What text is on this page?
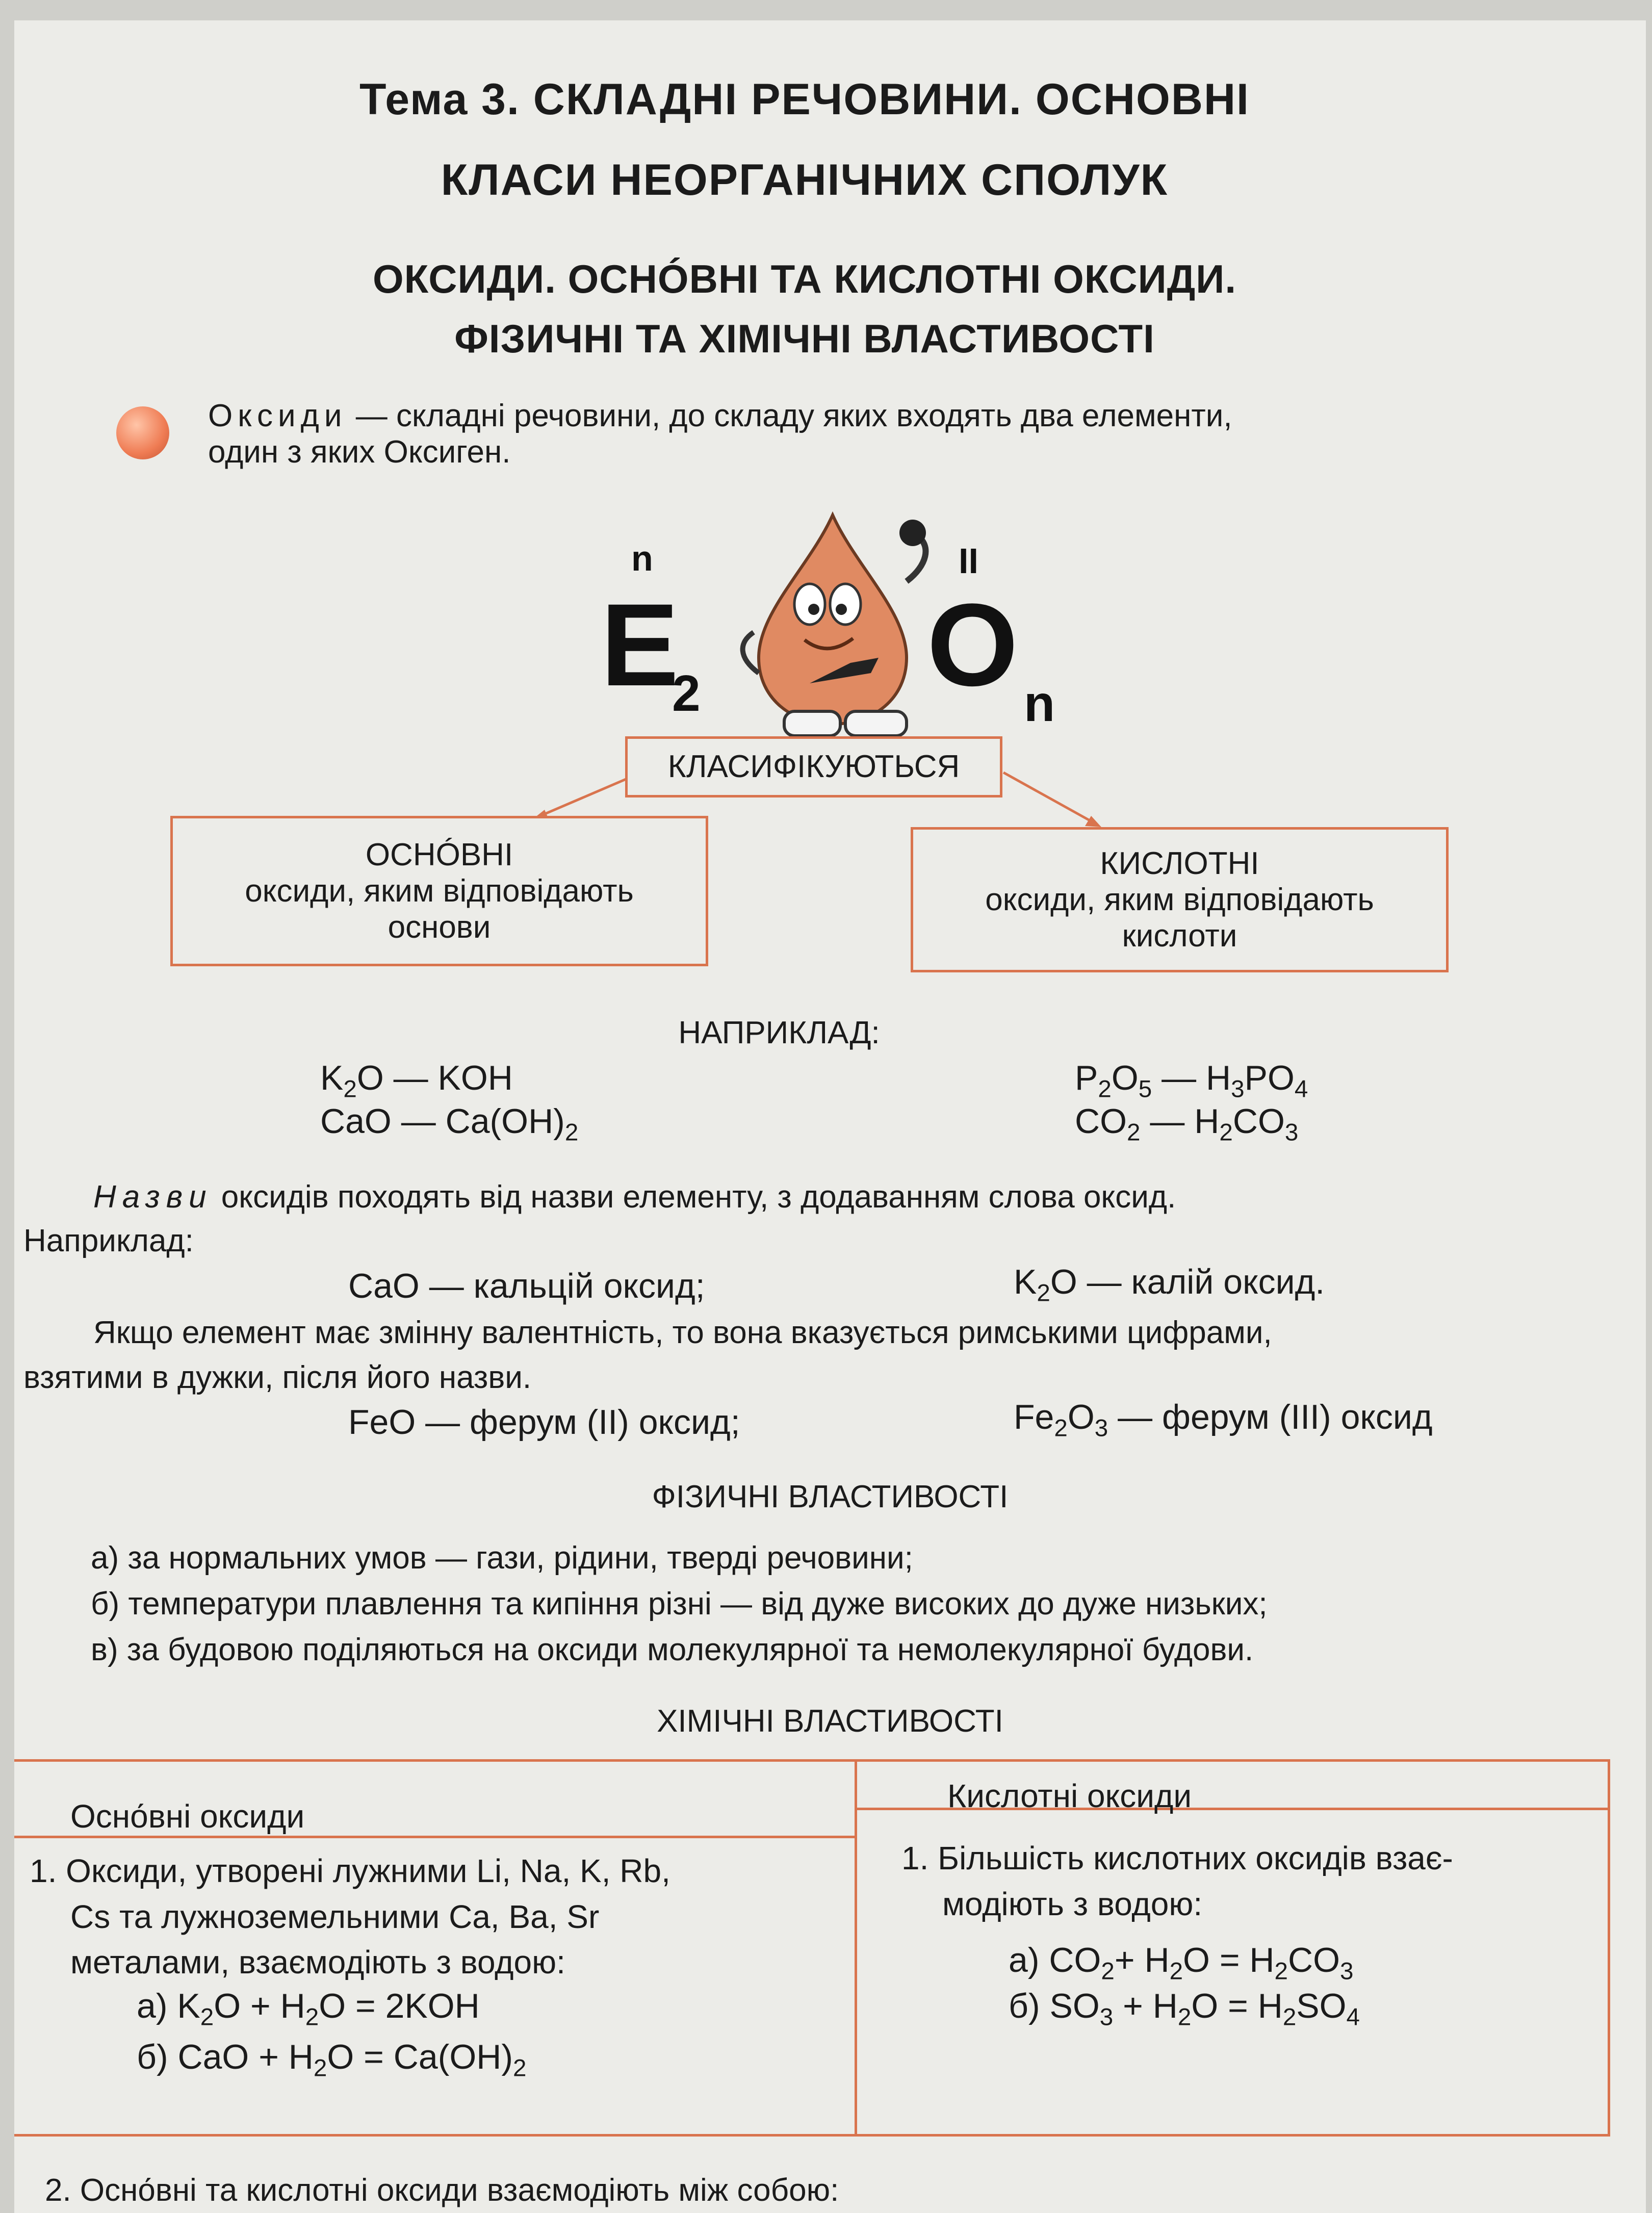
Тема 3. СКЛАДНІ РЕЧОВИНИ. ОСНОВНІ
КЛАСИ НЕОРГАНІЧНИХ СПОЛУК
ОКСИДИ. ОСНÓВНІ ТА КИСЛОТНІ ОКСИДИ.
ФІЗИЧНІ ТА ХІМІЧНІ ВЛАСТИВОСТІ
Оксиди — складні речовини, до складу яких входять два елементи,
один з яких Оксиген.
E
2
n
O n
II
КЛАСИФІКУЮТЬСЯ
ОСНÓВНІ
оксиди, яким відповідають
основи
КИСЛОТНІ
оксиди, яким відповідають
кислоти
НАПРИКЛАД:
$K_2O$ — KOH
CaO — $Ca(OH)_2$
$P_2O_5$ — $H_3PO_4$
$CO_2$ — $H_2CO_3$
Назви оксидів походять від назви елементу, з додаванням слова оксид.
Наприклад:
CaO — кальцій оксид;	$K_2O$ — калій оксид.
Якщо елемент має змінну валентність, то вона вказується римськими цифрами,
взятими в дужки, після його назви.
FeO — ферум (II) оксид;	$Fe_2O_3$ — ферум (III) оксид
ФІЗИЧНІ ВЛАСТИВОСТІ
а) за нормальних умов — гази, рідини, тверді речовини;
б) температури плавлення та кипіння різні — від дуже високих до дуже низьких;
в) за будовою поділяються на оксиди молекулярної та немолекулярної будови.
ХІМІЧНІ ВЛАСТИВОСТІ
Осно́вні оксиди
Кислотні оксиди
1. Оксиди, утворені лужними Li, Na, K, Rb,
Cs та лужноземельними Ca, Ba, Sr
металами, взаємодіють з водою:
а) $K_2O + H_2O = 2KOH$
б) CaO + $H_2O = Ca(OH)_2$
1. Більшість кислотних оксидів взає-
модіють з водою:
а) $CO_2+ H_2O = H_2CO_3$
б) $SO_3 + H_2O = H_2SO_4$
2. Осно́вні та кислотні оксиди взаємодіють між собою:
